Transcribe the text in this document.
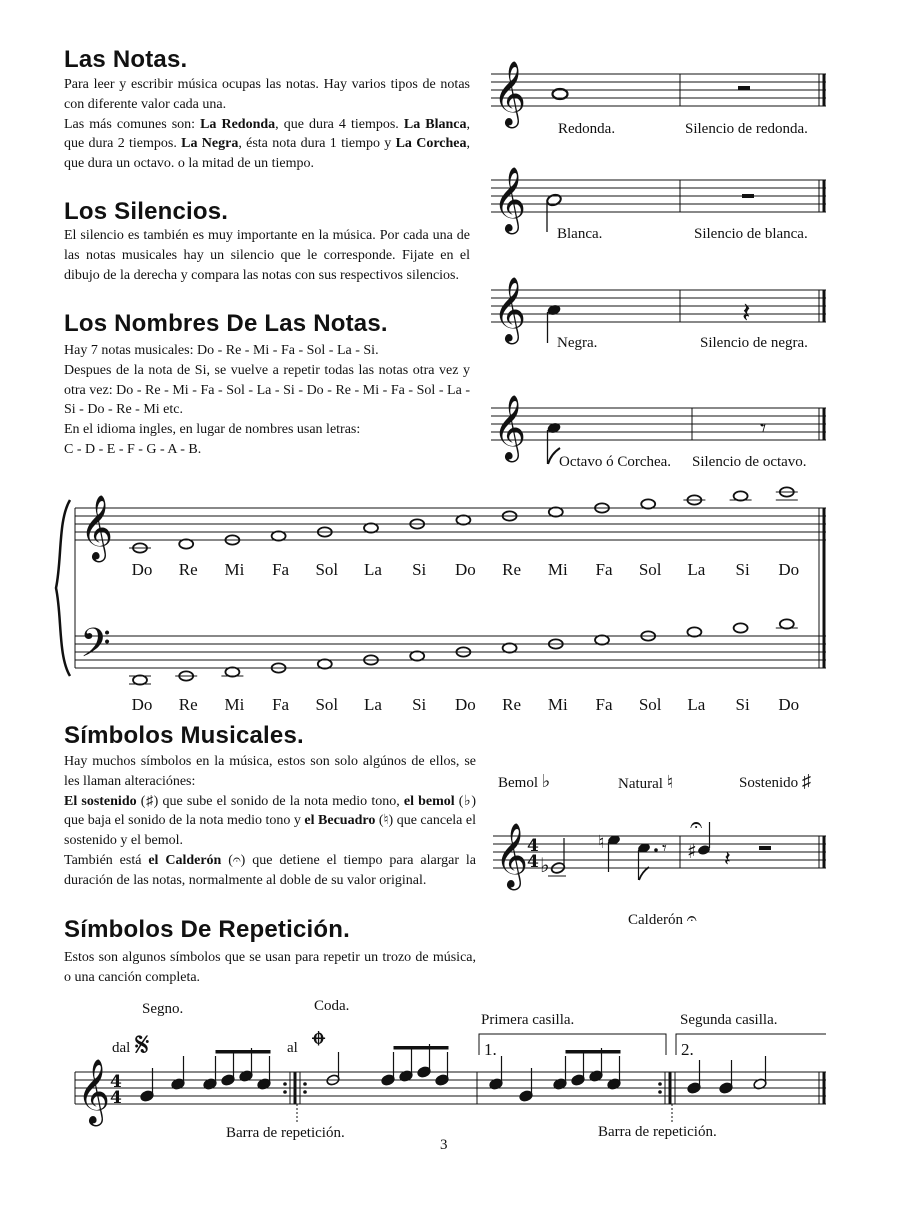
Las Notas.

Para leer y escribir música ocupas las notas. Hay varios tipos de notas con diferente valor cada una.

Las más comunes son: La Redonda, que dura 4 tiempos. La Blanca, que dura 2 tiempos. La Negra, ésta nota dura 1 tiempo y La Corchea, que dura un octavo. o la mitad de un tiempo.

Los Silencios.

El silencio es también es muy importante en la música. Por cada una de las notas musicales hay un silencio que le corresponde. Fijate en el dibujo de la derecha y compara las notas con sus respectivos silencios.

Los Nombres De Las Notas.

Hay 7 notas musicales: Do - Re - Mi - Fa - Sol - La - Si.

Despues de la nota de Si, se vuelve a repetir todas las notas otra vez y otra vez: Do - Re - Mi - Fa - Sol - La - Si - Do - Re - Mi - Fa - Sol - La - Si - Do - Re - Mi etc.

En el idioma ingles, en lugar de nombres usan letras:

C - D - E - F - G - A - B.

𝄞
𝄞
𝄞
𝄞
𝄽
𝄾
𝄞
𝄢
𝄞
4
4 ♭
♮	𝄾 ♯
𝄐
𝄽
𝄞 4
4
𝄋	𝄌
Redonda.	Silencio de redonda.
Blanca.	Silencio de blanca.
Negra.	Silencio de negra.
Octavo ó Corchea. Silencio de octavo.
Do	Re	Mi	Fa	Sol	La	Si	Do	Re	Mi	Fa	Sol	La	Si	Do
Do	Re	Mi	Fa	Sol	La	Si	Do	Re	Mi	Fa	Sol	La	Si	Do
Símbolos Musicales.

Hay muchos símbolos en la música, estos son solo algúnos de ellos, se les llaman alteraciónes:

El sostenido (♯) que sube el sonido de la nota medio tono, el bemol (♭) que baja el sonido de la nota medio tono y el Becuadro (♮) que cancela el sostenido y el bemol.

También está el Calderón (𝄐) que detiene el tiempo para alargar la duración de las notas, normalmente al doble de su valor original.

Bemol ♭	Natural ♮	Sostenido ♯
Calderón 𝄐
Símbolos De Repetición.

Estos son algunos símbolos que se usan para repetir un trozo de música, o una canción completa.

Segno.
dal
Coda.
al
Primera casilla.	Segunda casilla.
1.	2.
Barra de repetición.	Barra de repetición.
3
